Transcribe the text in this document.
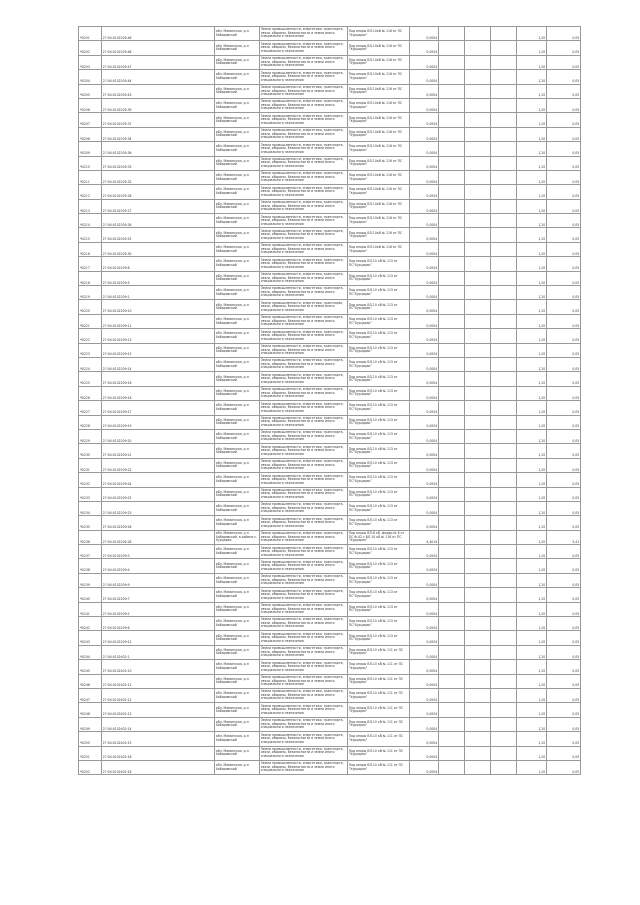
Ч0201	27:04:0102205:46	обл. Мамонская, р-н Хабаровский	Земли промышленности, энергетики, транспорта, связи, обороны, безопасности и земли иного специального назначения	Под опоры ВЛ-10кВ № 116 от ПС "Хурцарак"	0,0004				1,20	0,05
Ч0202	27:04:0102205:48	обл. Мамонская, р-н Хабаровский	Земли промышленности, энергетики, транспорта, связи, обороны, безопасности и земли иного специального назначения	Под опоры ВЛ-10кВ № 116 от ПС "Хурцарак"	0,0004				1,20	0,05
Ч0203	27:04:0102205:47	обл. Мамонская, р-н Хабаровский	Земли промышленности, энергетики, транспорта, связи, обороны, безопасности и земли иного специального назначения	Под опоры ВЛ-10кВ № 116 от ПС "Хурцарак"	0,0004				1,20	0,05
Ч0204	27:04:0102205:44	обл. Мамонская, р-н Хабаровский	Земли промышленности, энергетики, транспорта, связи, обороны, безопасности и земли иного специального назначения	Под опоры ВЛ-10кВ № 116 от ПС "Хурцарак"	0,0004				1,20	0,05
Ч0205	27:04:0102205:43	обл. Мамонская, р-н Хабаровский	Земли промышленности, энергетики, транспорта, связи, обороны, безопасности и земли иного специального назначения	Под опоры ВЛ-10кВ № 116 от ПС "Хурцарак"	0,0004				1,20	0,05
Ч0206	27:04:0102205:39	обл. Мамонская, р-н Хабаровский	Земли промышленности, энергетики, транспорта, связи, обороны, безопасности и земли иного специального назначения	Под опоры ВЛ-10кВ № 116 от ПС "Хурцарак"	0,0004				1,20	0,05
Ч0207	27:04:0102205:37	обл. Мамонская, р-н Хабаровский	Земли промышленности, энергетики, транспорта, связи, обороны, безопасности и земли иного специального назначения	Под опоры ВЛ-10кВ № 116 от ПС "Хурцарак"	0,0004				1,20	0,05
Ч0208	27:04:0102205:34	обл. Мамонская, р-н Хабаровский	Земли промышленности, энергетики, транспорта, связи, обороны, безопасности и земли иного специального назначения	Под опоры ВЛ-10кВ № 116 от ПС "Хурцарак"	0,0004				1,20	0,05
Ч0209	27:04:0102205:36	обл. Мамонская, р-н Хабаровский	Земли промышленности, энергетики, транспорта, связи, обороны, безопасности и земли иного специального назначения	Под опоры ВЛ-10кВ № 116 от ПС "Хурцарак"	0,0004				1,20	0,05
Ч0210	27:04:0102205:33	обл. Мамонская, р-н Хабаровский	Земли промышленности, энергетики, транспорта, связи, обороны, безопасности и земли иного специального назначения	Под опоры ВЛ-10кВ № 116 от ПС "Хурцарак"	0,0004				1,20	0,05
Ч0211	27:04:0102205:32	обл. Мамонская, р-н Хабаровский	Земли промышленности, энергетики, транспорта, связи, обороны, безопасности и земли иного специального назначения	Под опоры ВЛ-10кВ № 116 от ПС "Хурцарак"	0,0004				1,20	0,05
Ч0212	27:04:0102205:28	обл. Мамонская, р-н Хабаровский	Земли промышленности, энергетики, транспорта, связи, обороны, безопасности и земли иного специального назначения	Под опоры ВЛ-10кВ № 116 от ПС "Хурцарак"	0,0004				1,20	0,05
Ч0213	27:04:0102205:27	обл. Мамонская, р-н Хабаровский	Земли промышленности, энергетики, транспорта, связи, обороны, безопасности и земли иного специального назначения	Под опоры ВЛ-10кВ № 116 от ПС "Хурцарак"	0,0004				1,20	0,05
Ч0214	27:04:0102205:26	обл. Мамонская, р-н Хабаровский	Земли промышленности, энергетики, транспорта, связи, обороны, безопасности и земли иного специального назначения	Под опоры ВЛ-10кВ № 116 от ПС "Хурцарак"	0,0004				1,20	0,05
Ч0215	27:04:0102205:25	обл. Мамонская, р-н Хабаровский	Земли промышленности, энергетики, транспорта, связи, обороны, безопасности и земли иного специального назначения	Под опоры ВЛ-10кВ № 116 от ПС "Хурцарак"	0,0004				1,20	0,05
Ч0216	27:04:0102205:30	обл. Мамонская, р-н Хабаровский	Земли промышленности, энергетики, транспорта, связи, обороны, безопасности и земли иного специального назначения	Под опоры ВЛ-10кВ № 116 от ПС "Хурцарак"	0,0004				1,20	0,05
Ч0217	27:04:0102209:8	обл. Мамонская, р-н Хабаровский	Земли промышленности, энергетики, транспорта, связи, обороны, безопасности и земли иного специального назначения	Под опоры ВЛ-10 кВ № 113 от ПС"Хурцарак"	0,0004				1,20	0,05
Ч0218	27:04:0102209:5	обл. Мамонская, р-н Хабаровский	Земли промышленности, энергетики, транспорта, связи, обороны, безопасности и земли иного специального назначения	Под опоры ВЛ-10 кВ № 113 от ПС"Хурцарак"	0,0004				1,20	0,05
Ч0219	27:04:0102209:1	обл. Мамонская, р-н Хабаровский	Земли промышленности, энергетики, транспорта, связи, обороны, безопасности и земли иного специального назначения	Под опоры ВЛ-10 кВ № 113 от ПС"Хурцарак"	0,0004				1,20	0,05
Ч0220	27:04:0102209:10	обл. Мамонская, р-н Хабаровский	Земли промышленности, энергетики, транспорta, связи, обороны, безопасности и земли иного специального назначения	Под опоры ВЛ-10 кВ № 113 от ПС"Хурцарак"	0,0004				1,20	0,05
Ч0221	27:04:0102209:11	обл. Мамонская, р-н Хабаровский	Земли промышленности, энергетики, транспорта, связи, обороны, безопасности и земли иного специального назначения	Под опоры ВЛ-10 кВ № 113 от ПС"Хурцарак"	0,0004				1,20	0,05
Ч0222	27:04:0102209:13	обл. Мамонская, р-н Хабаровский	Земли промышленности, энергетики, транспорта, связи, обороны, безопасности и земли иного специального назначения	Под опоры ВЛ-10 кВ № 113 от ПС"Хурцарак"	0,0004				1,20	0,05
Ч0223	27:04:0102209:15	обл. Мамонская, р-н Хабаровский	Земли промышленности, энергетики, транспорта, связи, обороны, безопасности и земли иного специального назначения	Под опоры ВЛ-10 кВ № 113 от ПС"Хурцарак"	0,0004				1,20	0,05
Ч0224	27:04:0102209:14	обл. Мамонская, р-н Хабаровский	Земли промышленности, энергетики, транспорта, связи, обороны, безопасности и земли иного специального назначения	Под опоры ВЛ-10 кВ № 113 от ПС"Хурцарак"	0,0004				1,20	0,05
Ч0225	27:04:0102209:16	обл. Мамонская, р-н Хабаровский	Земли промышленности, энергетики, транспорта, связи, обороны, безопасности и земли иного специального назначения	Под опоры ВЛ-10 кВ № 113 от ПС"Хурцарак"	0,0004				1,20	0,05
Ч0226	27:04:0102209:18	обл. Мамонская, р-н Хабаровский	Земли промышленности, энергетики, транспорта, связи, обороны, безопасности и земли иного специального назначения	Под опоры ВЛ-10 кВ № 113 от ПС"Хурцарак"	0,0004				1,20	0,05
Ч0227	27:04:0102209:17	обл. Мамонская, р-н Хабаровский	Земли промышленности, энергетики, транспорта, связи, обороны, безопасности и земли иного специального назначения	Под опоры ВЛ-10 кВ № 113 от ПС"Хурцарак"	0,0004				1,20	0,05
Ч0228	27:04:0102209:19	обл. Мамонская, р-н Хабаровский	Земли промышленности, энергетики, транспорта, связи, обороны, безопасности и земли иного специального назначения	Под опоры ВЛ-10 кВ № 113 от ПС"Хурцарак"	0,0004				1,20	0,05
Ч0229	27:04:0102209:20	обл. Мамонская, р-н Хабаровский	Земли промышленности, энергетики, транспорта, связи, обороны, безопасности и земли иного специального назначения	Под опоры ВЛ-10 кВ № 113 от ПС"Хурцарак"	0,0004				1,20	0,05
Ч0230	27:04:0102209:21	обл. Мамонская, р-н Хабаровский	Земли промышленности, энергетики, транспорта, связи, обороны, безопасности и земли иного специального назначения	Под опоры ВЛ-10 кВ № 113 от ПС"Хурцарак"	0,0004				1,20	0,05
Ч0231	27:04:0102209:22	обл. Мамонская, р-н Хабаровский	Земли промышленности, энергетики, транспорта, связи, обороны, безопасности и земли иного специального назначения	Под опоры ВЛ-10 кВ № 113 от ПС"Хурцарак"	0,0004				1,20	0,05
Ч0232	27:04:0102209:24	обл. Мамонская, р-н Хабаровский	Земли промышленности, энергетики, транспорта, связи, обороны, безопасности и земли иного специального назначения	Под опоры ВЛ-10 кВ № 113 от ПС"Хурцарак"	0,0004				1,20	0,05
Ч0233	27:04:0102209:25	обл. Мамонская, р-н Хабаровский	Земли промышленности, энергетики, транспорта, связи, обороны, безопасности и земли иного специального назначения	Под опоры ВЛ-10 кВ № 113 от ПС"Хурцарак"	0,0004				1,20	0,05
Ч0234	27:04:0102209:23	обл. Мамонская, р-н Хабаровский	Земли промышленности, энергетики, транспорта, связи, обороны, безопасности и земли иного специального назначения	Под опоры ВЛ-10 кВ № 113 от ПС"Хурцарак"	0,0004				1,20	0,05
Ч0235	27:04:0102209:26	обл. Мамонская, р-н Хабаровский	Земли промышленности, энергетики, транспорта, связи, обороны, безопасности и земли иного специального назначения	Под опоры ВЛ-10 кВ № 113 от ПС"Хурцарак"	0,0004				1,20	0,05
Ч0236	27:04:0102204:28	обл. Мамонская, р-н Хабаровский, в районе с. Хурцарак	Земли промышленности, энергетики, транспорта, связи, обороны, безопасности и земли иного специального назначения	Под опоры ВЛ-6 кВ, фидер № 6 от ПС Ф-42 с ВЛ-10 кВ № 116 от ПС "Хурцарак"	4,4014				1,20	5,41
Ч0237	27:04:0102209:3	обл. Мамонская, р-н Хабаровский	Земли промышленности, энергетики, транспорта, связи, обороны, безопасности и земли иного специального назначения	Под опоры ВЛ-10 кВ № 113 от ПС"Хурцарак"	0,0004				1,20	0,05
Ч0238	27:04:0102209:4	обл. Мамонская, р-н Хабаровский	Земли промышленности, энергетики, транспорта, связи, обороны, безопасности и земли иного специального назначения	Под опоры ВЛ-10 кВ № 113 от ПС"Хурцарак"	0,0004				1,20	0,05
Ч0239	27:04:0102209:9	обл. Мамонская, р-н Хабаровский	Земли промышленности, энергетики, транспорта, связи, обороны, безопасности и земли иного специального назначения	Под опоры ВЛ-10 кВ № 113 от ПС"Хурцарак"	0,0004				1,20	0,05
Ч0240	27:04:0102209:7	обл. Мамонская, р-н Хабаровский	Земли промышленности, энергетики, транспорта, связи, обороны, безопасности и земли иного специального назначения	Под опоры ВЛ-10 кВ № 113 от ПС"Хурцарак"	0,0004				1,20	0,05
Ч0241	27:04:0102209:2	обл. Мамонская, р-н Хабаровский	Земли промышленности, энергетики, транспорта, связи, обороны, безопасности и земли иного специального назначения	Под опоры ВЛ-10 кВ № 113 от ПС"Хурцарак"	0,0004				1,20	0,05
Ч0242	27:04:0102209:6	обл. Мамонская, р-н Хабаровский	Земли промышленности, энергетики, транспорта, связи, обороны, безопасности и земли иного специального назначения	Под опоры ВЛ-10 кВ № 113 от ПС"Хурцарак"	0,0004				1,20	0,05
Ч0243	27:04:0102209:12	обл. Мамонская, р-н Хабаровский	Земли промышленности, энергетики, транспорта, связи, обороны, безопасности и земли иного специального назначения	Под опоры ВЛ-10 кВ № 113 от ПС"Хурцарак"	0,0004				1,20	0,05
Ч0244	27:04:0102402:1	обл. Мамонская, р-н Хабаровский	Земли промышленности, энергетики, транспорта, связи, обороны, безопасности и земли иного специального назначения	Под опоры ВЛ-10 кВ № 111 от ПС "Хурцарак"	0,0004				1,20	0,05
Ч0245	27:04:0102402:10	обл. Мамонская, р-н Хабаровский	Земли промышленности, энергетики, транспорта, связи, обороны, безопасности и земли иного специального назначения	Под опоры ВЛ-10 кВ № 111 от ПС "Хурцарак"	0,0004				1,20	0,05
Ч0246	27:04:0102402:11	обл. Мамонская, р-н Хабаровский	Земли промышленности, энергетики, транспорта, связи, обороны, безопасности и земли иного специального назначения	Под опоры ВЛ-10 кВ № 111 от ПС "Хурцарак"	0,0004				1,20	0,05
Ч0247	27:04:0102402:12	обл. Мамонская, р-н Хабаровский	Земли промышленности, энергетики, транспорта, связи, обороны, безопасности и земли иного специального назначения	Под опоры ВЛ-10 кВ № 111 от ПС "Хурцарак"	0,0004				1,20	0,05
Ч0248	27:04:0102402:13	обл. Мамонская, р-н Хабаровский	Земли промышленности, энергетики, транспорта, связи, обороны, безопасности и земли иного специального назначения	Под опоры ВЛ-10 кВ № 111 от ПС "Хурцарак"	0,0004				1,20	0,05
Ч0249	27:04:0102402:14	обл. Мамонская, р-н Хабаровский	Земли промышленности, энергетики, транспорта, связи, обороны, безопасности и земли иного специального назначения	Под опоры ВЛ-10 кВ № 111 от ПС "Хурцарак"	0,0004				1,20	0,05
Ч0250	27:04:0102402:15	обл. Мамонская, р-н Хабаровский	Земли промышленности, энергетики, транспорта, связи, обороны, безопасности и земли иного специального назначения	Под опоры ВЛ-10 кВ № 111 от ПС "Хурцарак"	0,0004				1,20	0,05
Ч0251	27:04:0102402:16	обл. Мамонская, р-н Хабаровский	Земли промышленности, энергетики, транспорта, связи, обороны, безопасности и земли иного специального назначения	Под опоры ВЛ-10 кВ № 111 от ПС "Хурцарак"	0,0004				1,20	0,05
Ч0252	27:04:0102402:18	обл. Мамонская, р-н Хабаровский	Земли промышленности, энергетики, транспорта, связи, обороны, безопасности и земли иного специального назначения	Под опоры ВЛ-10 кВ № 111 от ПС "Хурцарак"	0,0004				1,20	0,05
